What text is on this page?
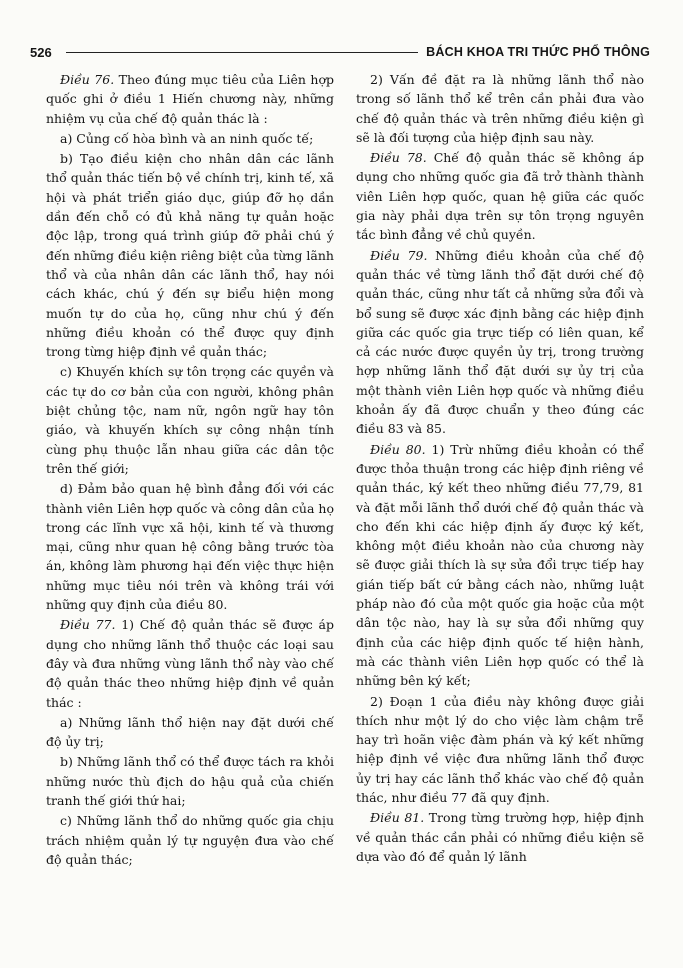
526	BÁCH KHOA TRI THỨC PHỔ THÔNG

Điều 76. Theo đúng mục tiêu của Liên hợp quốc ghi ở điều 1 Hiến chương này, những nhiệm vụ của chế độ quản thác là :

a) Củng cố hòa bình và an ninh quốc tế;

b) Tạo điều kiện cho nhân dân các lãnh thổ quản thác tiến bộ về chính trị, kinh tế, xã hội và phát triển giáo dục, giúp đỡ họ dần dần đến chỗ có đủ khả năng tự quản hoặc độc lập, trong quá trình giúp đỡ phải chú ý đến những điều kiện riêng biệt của từng lãnh thổ và của nhân dân các lãnh thổ, hay nói cách khác, chú ý đến sự biểu hiện mong muốn tự do của họ, cũng như chú ý đến những điều khoản có thể được quy định trong từng hiệp định về quản thác;

c) Khuyến khích sự tôn trọng các quyền và các tự do cơ bản của con người, không phân biệt chủng tộc, nam nữ, ngôn ngữ hay tôn giáo, và khuyến khích sự công nhận tính cùng phụ thuộc lẫn nhau giữa các dân tộc trên thế giới;

d) Đảm bảo quan hệ bình đẳng đối với các thành viên Liên hợp quốc và công dân của họ trong các lĩnh vực xã hội, kinh tế và thương mại, cũng như quan hệ công bằng trước tòa án, không làm phương hại đến việc thực hiện những mục tiêu nói trên và không trái với những quy định của điều 80.

Điều 77. 1) Chế độ quản thác sẽ được áp dụng cho những lãnh thổ thuộc các loại sau đây và đưa những vùng lãnh thổ này vào chế độ quản thác theo những hiệp định về quản thác :

a) Những lãnh thổ hiện nay đặt dưới chế độ ủy trị;

b) Những lãnh thổ có thể được tách ra khỏi những nước thù địch do hậu quả của chiến tranh thế giới thứ hai;

c) Những lãnh thổ do những quốc gia chịu trách nhiệm quản lý tự nguyện đưa vào chế độ quản thác;

2) Vấn đề đặt ra là những lãnh thổ nào trong số lãnh thổ kể trên cần phải đưa vào chế độ quản thác và trên những điều kiện gì sẽ là đối tượng của hiệp định sau này.

Điều 78. Chế độ quản thác sẽ không áp dụng cho những quốc gia đã trở thành thành viên Liên hợp quốc, quan hệ giữa các quốc gia này phải dựa trên sự tôn trọng nguyên tắc bình đẳng về chủ quyền.

Điều 79. Những điều khoản của chế độ quản thác về từng lãnh thổ đặt dưới chế độ quản thác, cũng như tất cả những sửa đổi và bổ sung sẽ được xác định bằng các hiệp định giữa các quốc gia trực tiếp có liên quan, kể cả các nước được quyền ủy trị, trong trường hợp những lãnh thổ đặt dưới sự ủy trị của một thành viên Liên hợp quốc và những điều khoản ấy đã được chuẩn y theo đúng các điều 83 và 85.

Điều 80. 1) Trừ những điều khoản có thể được thỏa thuận trong các hiệp định riêng về quản thác, ký kết theo những điều 77,79, 81 và đặt mỗi lãnh thổ dưới chế độ quản thác và cho đến khi các hiệp định ấy được ký kết, không một điều khoản nào của chương này sẽ được giải thích là sự sửa đổi trực tiếp hay gián tiếp bất cứ bằng cách nào, những luật pháp nào đó của một quốc gia hoặc của một dân tộc nào, hay là sự sửa đổi những quy định của các hiệp định quốc tế hiện hành, mà các thành viên Liên hợp quốc có thể là những bên ký kết;

2) Đoạn 1 của điều này không được giải thích như một lý do cho việc làm chậm trễ hay trì hoãn việc đàm phán và ký kết những hiệp định về việc đưa những lãnh thổ được ủy trị hay các lãnh thổ khác vào chế độ quản thác, như điều 77 đã quy định.

Điều 81. Trong từng trường hợp, hiệp định về quản thác cần phải có những điều kiện sẽ dựa vào đó để quản lý lãnh
